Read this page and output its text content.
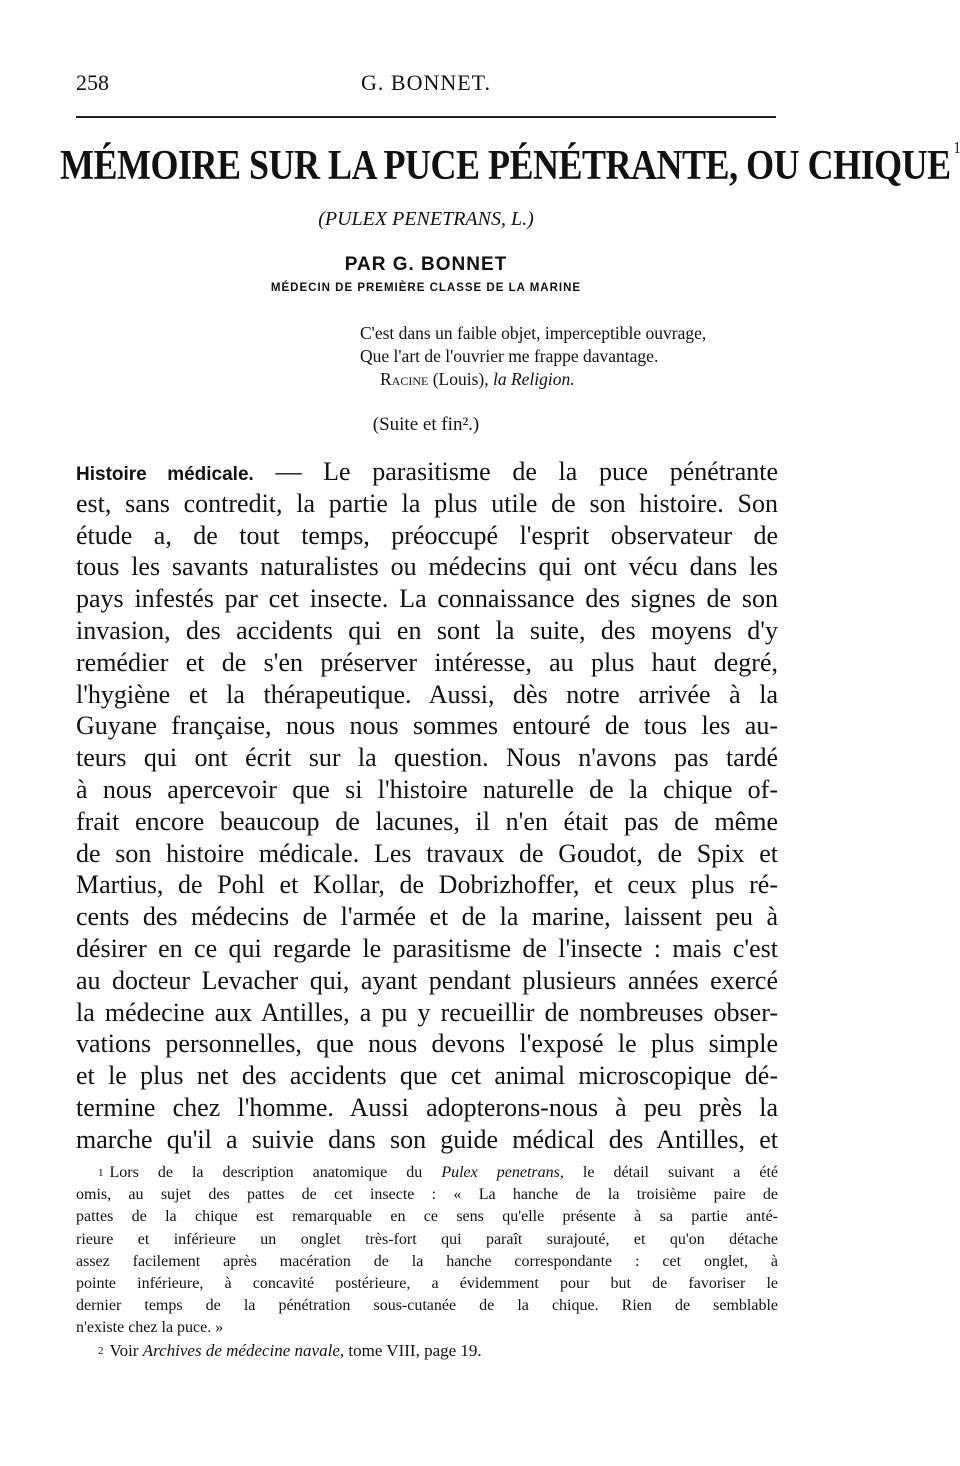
258	G. BONNET.
MÉMOIRE SUR LA PUCE PÉNÉTRANTE, OU CHIQUE $^1$
(PULEX PENETRANS, L.)
PAR G. BONNET
MÉDECIN DE PREMIÈRE CLASSE DE LA MARINE
C'est dans un faible objet, imperceptible ouvrage,
Que l'art de l'ouvrier me frappe davantage.
Racine (Louis), la Religion.
(Suite et fin².)
Histoire médicale. — Le parasitisme de la puce pénétrante
est, sans contredit, la partie la plus utile de son histoire. Son
étude a, de tout temps, préoccupé l'esprit observateur de
tous les savants naturalistes ou médecins qui ont vécu dans les
pays infestés par cet insecte. La connaissance des signes de son
invasion, des accidents qui en sont la suite, des moyens d'y
remédier et de s'en préserver intéresse, au plus haut degré,
l'hygiène et la thérapeutique. Aussi, dès notre arrivée à la
Guyane française, nous nous sommes entouré de tous les au-
teurs qui ont écrit sur la question. Nous n'avons pas tardé
à nous apercevoir que si l'histoire naturelle de la chique of-
frait encore beaucoup de lacunes, il n'en était pas de même
de son histoire médicale. Les travaux de Goudot, de Spix et
Martius, de Pohl et Kollar, de Dobrizhoffer, et ceux plus ré-
cents des médecins de l'armée et de la marine, laissent peu à
désirer en ce qui regarde le parasitisme de l'insecte : mais c'est
au docteur Levacher qui, ayant pendant plusieurs années exercé
la médecine aux Antilles, a pu y recueillir de nombreuses obser-
vations personnelles, que nous devons l'exposé le plus simple
et le plus net des accidents que cet animal microscopique dé-
termine chez l'homme. Aussi adopterons-nous à peu près la
marche qu'il a suivie dans son guide médical des Antilles, et
$^1$ Lors de la description anatomique du Pulex penetrans, le détail suivant a été
omis, au sujet des pattes de cet insecte : « La hanche de la troisième paire de
pattes de la chique est remarquable en ce sens qu'elle présente à sa partie anté-
rieure et inférieure un onglet très-fort qui paraît surajouté, et qu'on détache
assez facilement après macération de la hanche correspondante : cet onglet, à
pointe inférieure, à concavité postérieure, a évidemment pour but de favoriser le
dernier temps de la pénétration sous-cutanée de la chique. Rien de semblable
n'existe chez la puce. »
$^2$ Voir Archives de médecine navale, tome VIII, page 19.
